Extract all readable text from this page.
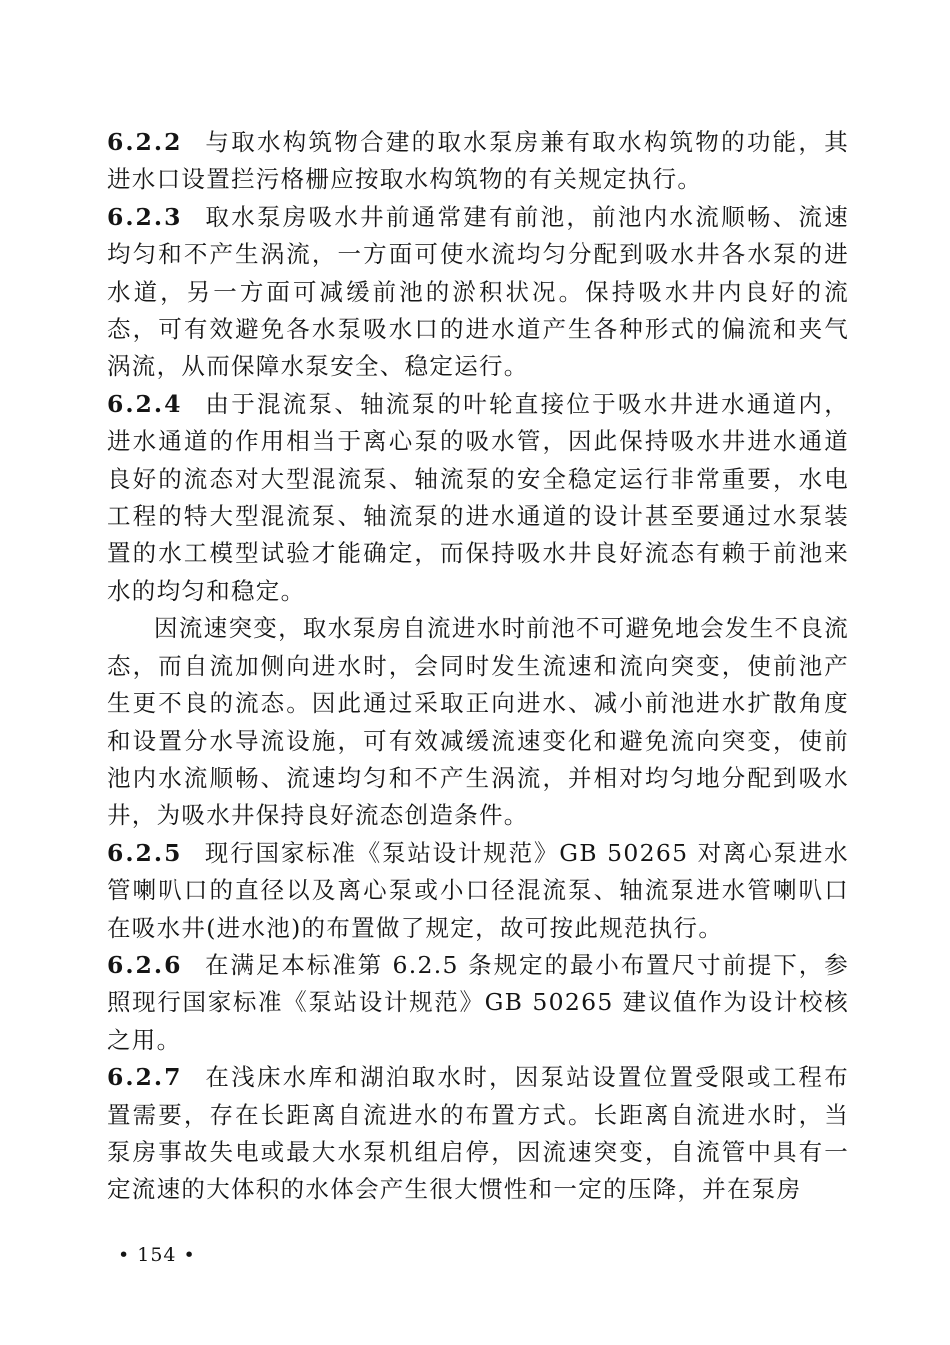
6.2.2 与取水构筑物合建的取水泵房兼有取水构筑物的功能，其进水口设置拦污格栅应按取水构筑物的有关规定执行。

6.2.3 取水泵房吸水井前通常建有前池，前池内水流顺畅、流速均匀和不产生涡流，一方面可使水流均匀分配到吸水井各水泵的进水道，另一方面可减缓前池的淤积状况。保持吸水井内良好的流态，可有效避免各水泵吸水口的进水道产生各种形式的偏流和夹气涡流，从而保障水泵安全、稳定运行。

6.2.4 由于混流泵、轴流泵的叶轮直接位于吸水井进水通道内，进水通道的作用相当于离心泵的吸水管，因此保持吸水井进水通道良好的流态对大型混流泵、轴流泵的安全稳定运行非常重要，水电工程的特大型混流泵、轴流泵的进水通道的设计甚至要通过水泵装置的水工模型试验才能确定，而保持吸水井良好流态有赖于前池来水的均匀和稳定。

因流速突变，取水泵房自流进水时前池不可避免地会发生不良流态，而自流加侧向进水时，会同时发生流速和流向突变，使前池产生更不良的流态。因此通过采取正向进水、减小前池进水扩散角度和设置分水导流设施，可有效减缓流速变化和避免流向突变，使前池内水流顺畅、流速均匀和不产生涡流，并相对均匀地分配到吸水井，为吸水井保持良好流态创造条件。

6.2.5 现行国家标准《泵站设计规范》GB 50265 对离心泵进水管喇叭口的直径以及离心泵或小口径混流泵、轴流泵进水管喇叭口在吸水井(进水池)的布置做了规定，故可按此规范执行。

6.2.6 在满足本标准第 6.2.5 条规定的最小布置尺寸前提下，参照现行国家标准《泵站设计规范》GB 50265 建议值作为设计校核之用。

6.2.7 在浅床水库和湖泊取水时，因泵站设置位置受限或工程布置需要，存在长距离自流进水的布置方式。长距离自流进水时，当泵房事故失电或最大水泵机组启停，因流速突变，自流管中具有一定流速的大体积的水体会产生很大惯性和一定的压降，并在泵房

• 154 •
